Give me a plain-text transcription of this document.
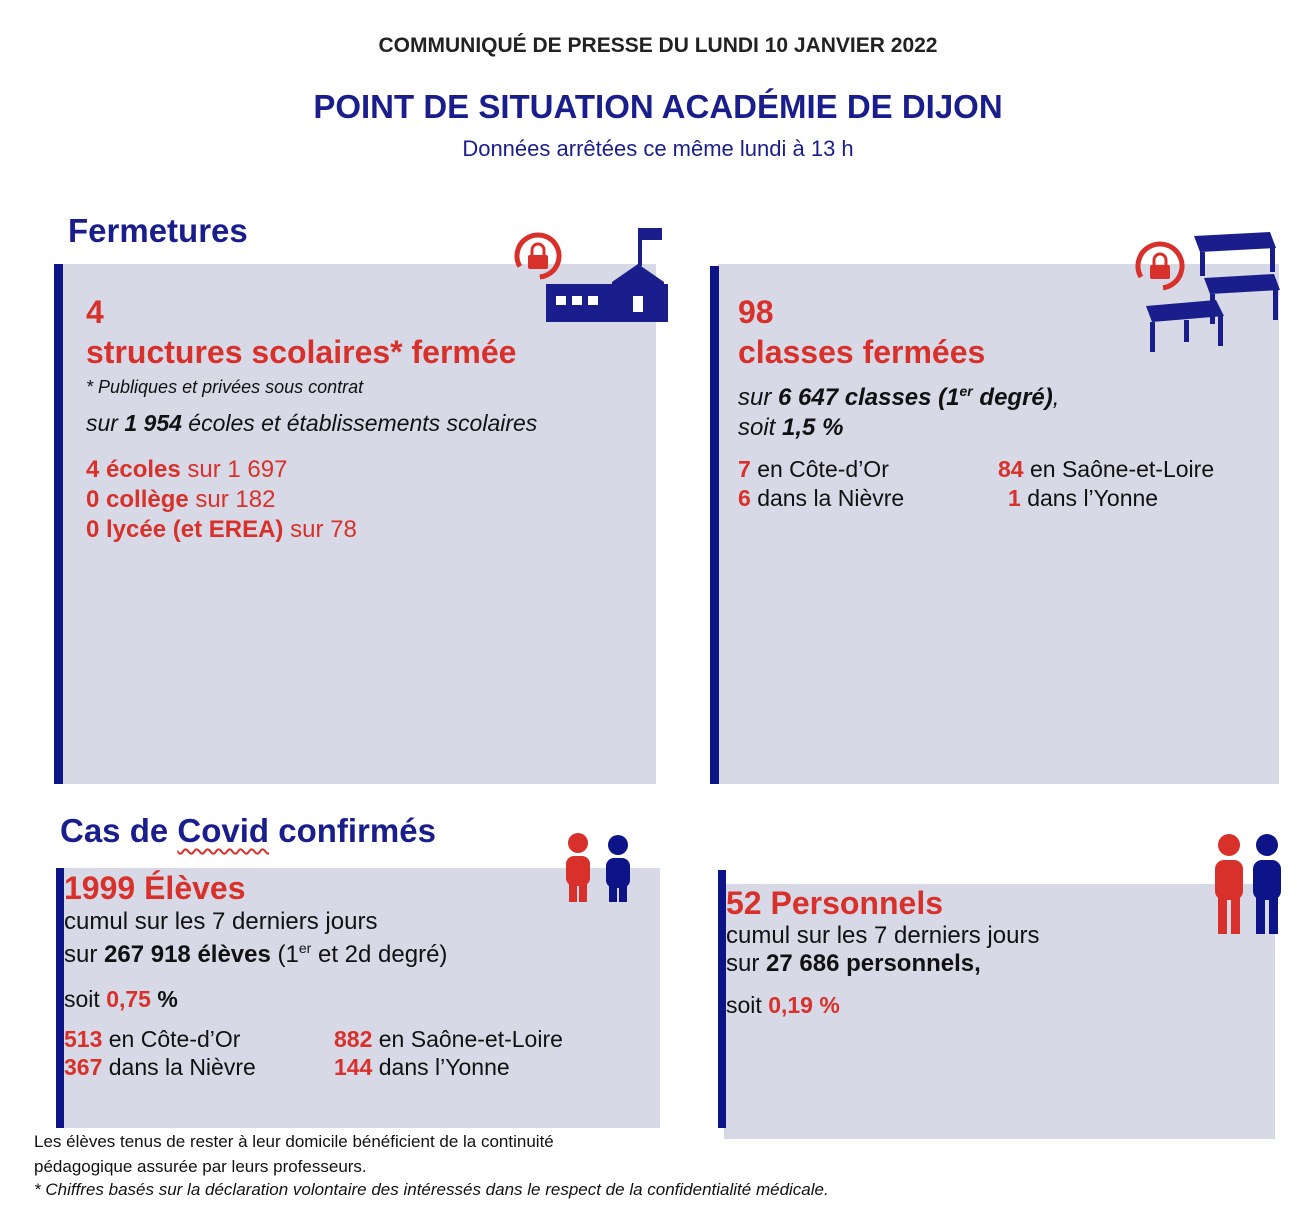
COMMUNIQUÉ DE PRESSE DU LUNDI 10 JANVIER 2022
POINT DE SITUATION ACADÉMIE DE DIJON
Données arrêtées ce même lundi à 13 h
Fermetures
4
structures scolaires* fermée
* Publiques et privées sous contrat
sur 1 954 écoles et établissements scolaires
4 écoles sur 1 697
0 collège sur 182
0 lycée (et EREA) sur 78
98
classes fermées
sur 6 647 classes (1er degré),
soit 1,5 %
7 en Côte-d’Or	84 en Saône-et-Loire
6 dans la Nièvre	1 dans l’Yonne
Cas de Covid confirmés
1999 Élèves
cumul sur les 7 derniers jours
sur 267 918 élèves (1er et 2d degré)
soit 0,75 %
513 en Côte-d’Or	882 en Saône-et-Loire
367 dans la Nièvre	144 dans l’Yonne
52 Personnels
cumul sur les 7 derniers jours
sur 27 686 personnels,
soit 0,19 %
Les élèves tenus de rester à leur domicile bénéficient de la continuité
pédagogique assurée par leurs professeurs.
* Chiffres basés sur la déclaration volontaire des intéressés dans le respect de la confidentialité médicale.
